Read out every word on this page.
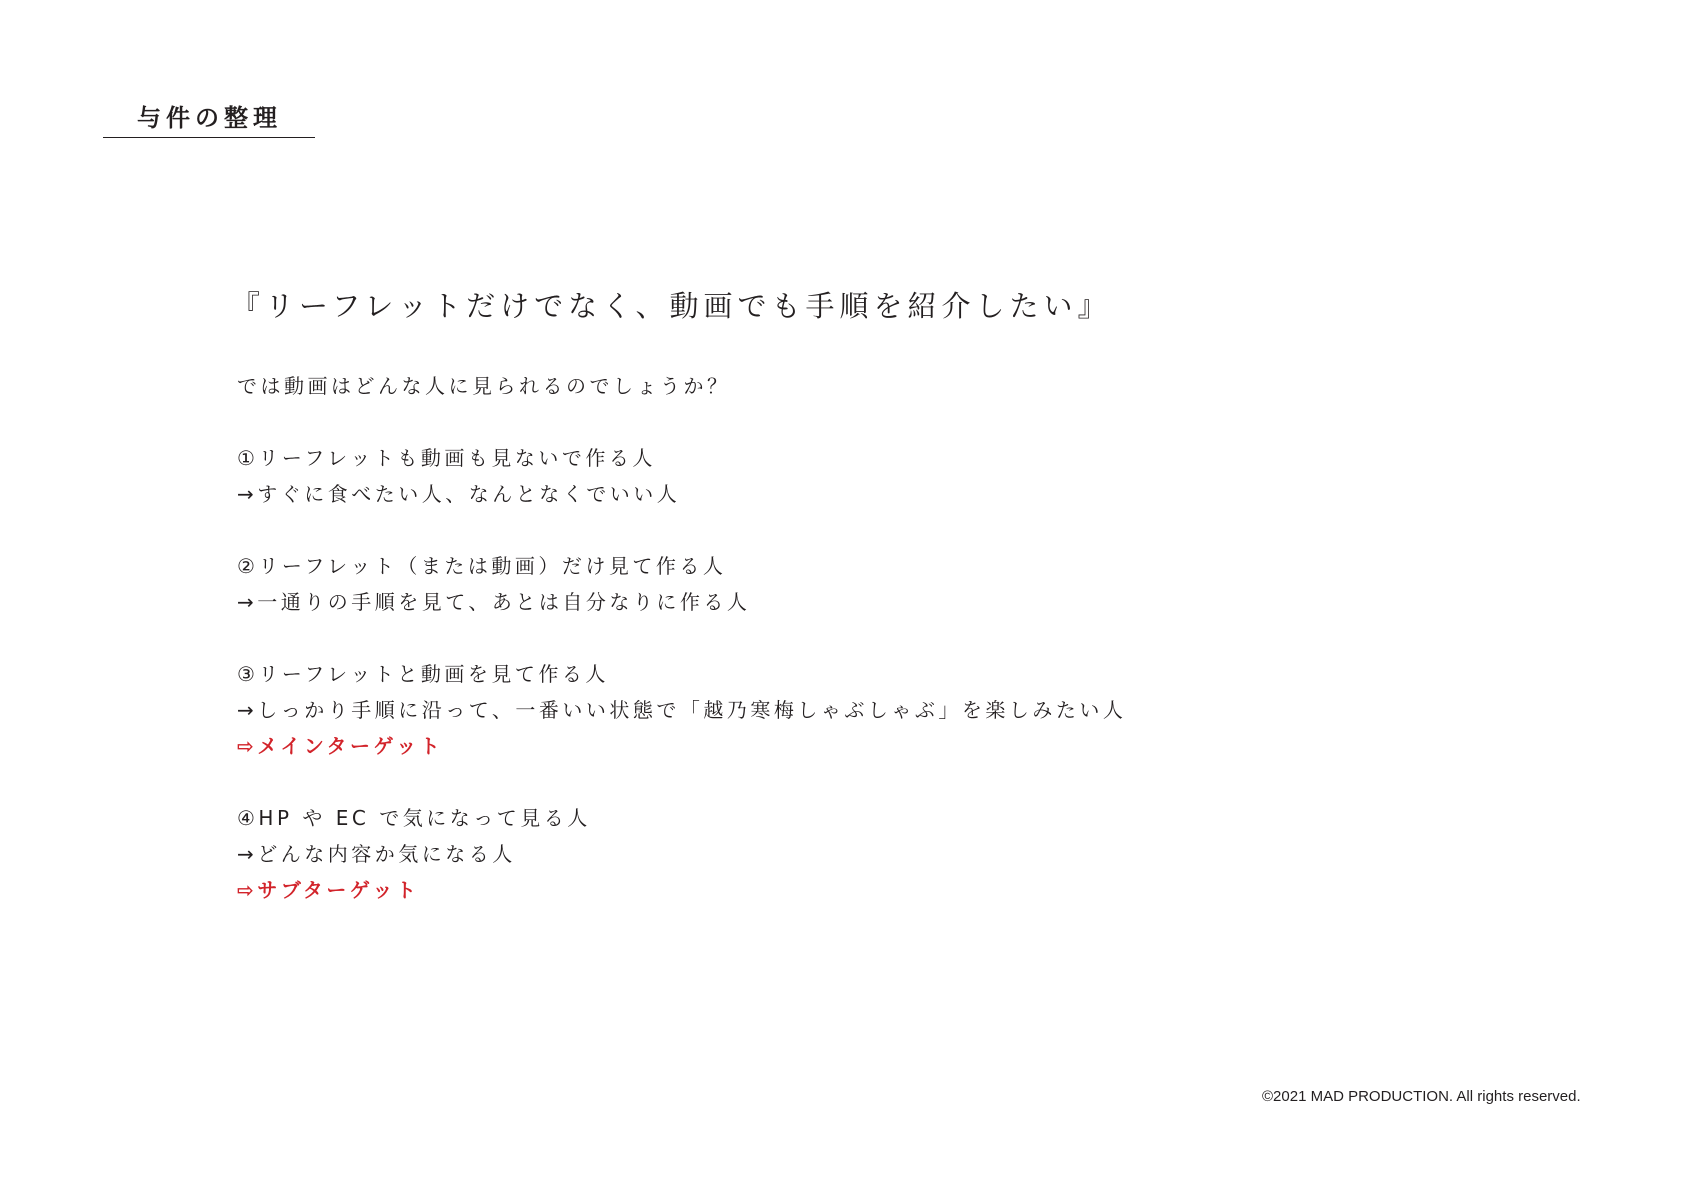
与件の整理
『リーフレットだけでなく、動画でも手順を紹介したい』
では動画はどんな人に見られるのでしょうか？
①リーフレットも動画も見ないで作る人
→すぐに食べたい人、なんとなくでいい人
②リーフレット（または動画）だけ見て作る人
→一通りの手順を見て、あとは自分なりに作る人
③リーフレットと動画を見て作る人
→しっかり手順に沿って、一番いい状態で「越乃寒梅しゃぶしゃぶ」を楽しみたい人
⇨メインターゲット
④HP や EC で気になって見る人
→どんな内容か気になる人
⇨サブターゲット
©2021 MAD PRODUCTION. All rights reserved.
